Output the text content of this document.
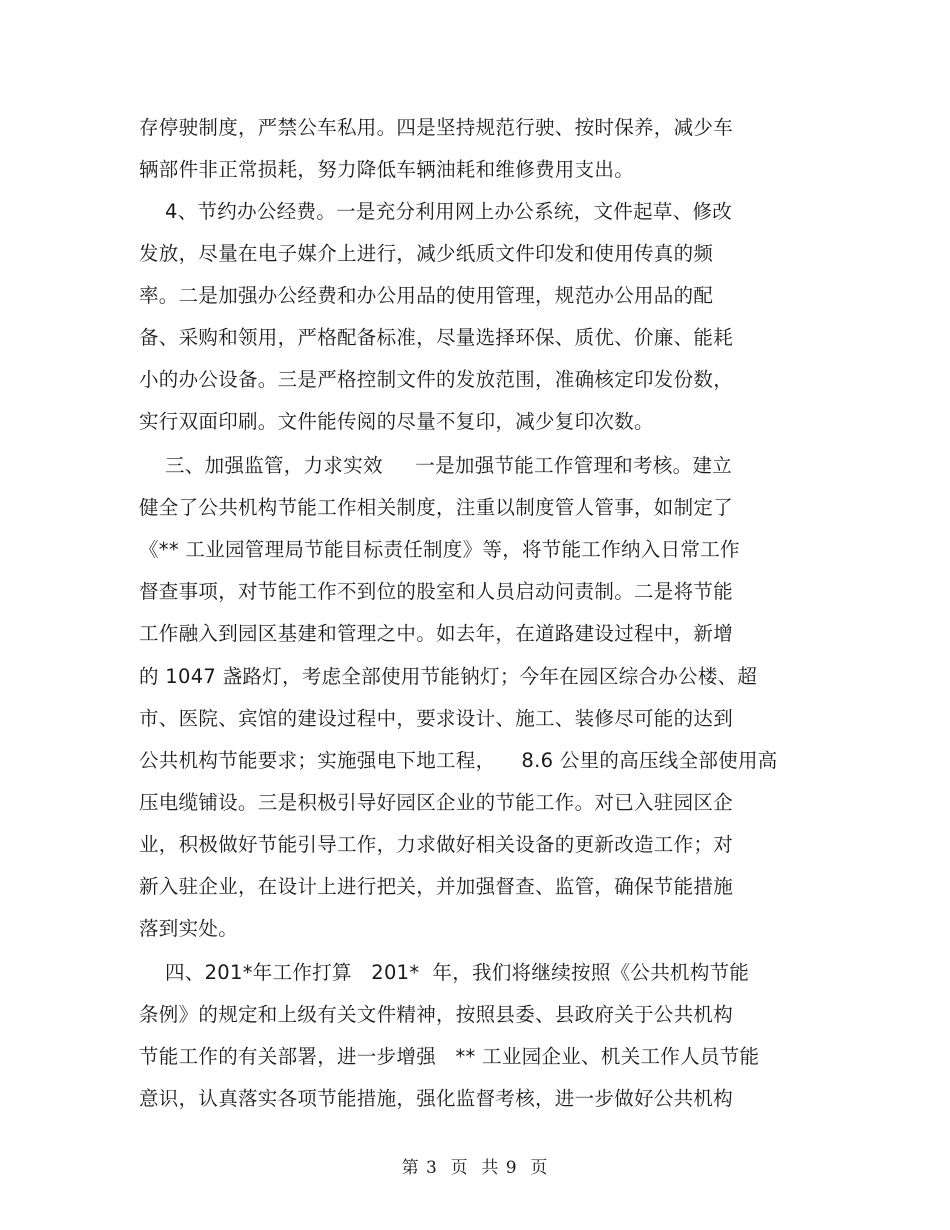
存停驶制度，严禁公车私用。四是坚持规范行驶、按时保养，减少车
辆部件非正常损耗，努力降低车辆油耗和维修费用支出。
4、节约办公经费。一是充分利用网上办公系统，文件起草、修改
发放，尽量在电子媒介上进行，减少纸质文件印发和使用传真的频
率。二是加强办公经费和办公用品的使用管理，规范办公用品的配
备、采购和领用，严格配备标准，尽量选择环保、质优、价廉、能耗
小的办公设备。三是严格控制文件的发放范围，准确核定印发份数，
实行双面印刷。文件能传阅的尽量不复印，减少复印次数。
三、加强监管，力求实效     一是加强节能工作管理和考核。建立
健全了公共机构节能工作相关制度，注重以制度管人管事，如制定了
《** 工业园管理局节能目标责任制度》等，将节能工作纳入日常工作
督查事项，对节能工作不到位的股室和人员启动问责制。二是将节能
工作融入到园区基建和管理之中。如去年，在道路建设过程中，新增
的 1047 盏路灯，考虑全部使用节能钠灯；今年在园区综合办公楼、超
市、医院、宾馆的建设过程中，要求设计、施工、装修尽可能的达到
公共机构节能要求；实施强电下地工程，    8.6 公里的高压线全部使用高
压电缆铺设。三是积极引导好园区企业的节能工作。对已入驻园区企
业，积极做好节能引导工作，力求做好相关设备的更新改造工作；对
新入驻企业，在设计上进行把关，并加强督查、监管，确保节能措施
落到实处。
四、201*年工作打算   201*  年，我们将继续按照《公共机构节能
条例》的规定和上级有关文件精神，按照县委、县政府关于公共机构
节能工作的有关部署，进一步增强   ** 工业园企业、机关工作人员节能
意识，认真落实各项节能措施，强化监督考核，进一步做好公共机构
第 3  页  共 9  页
